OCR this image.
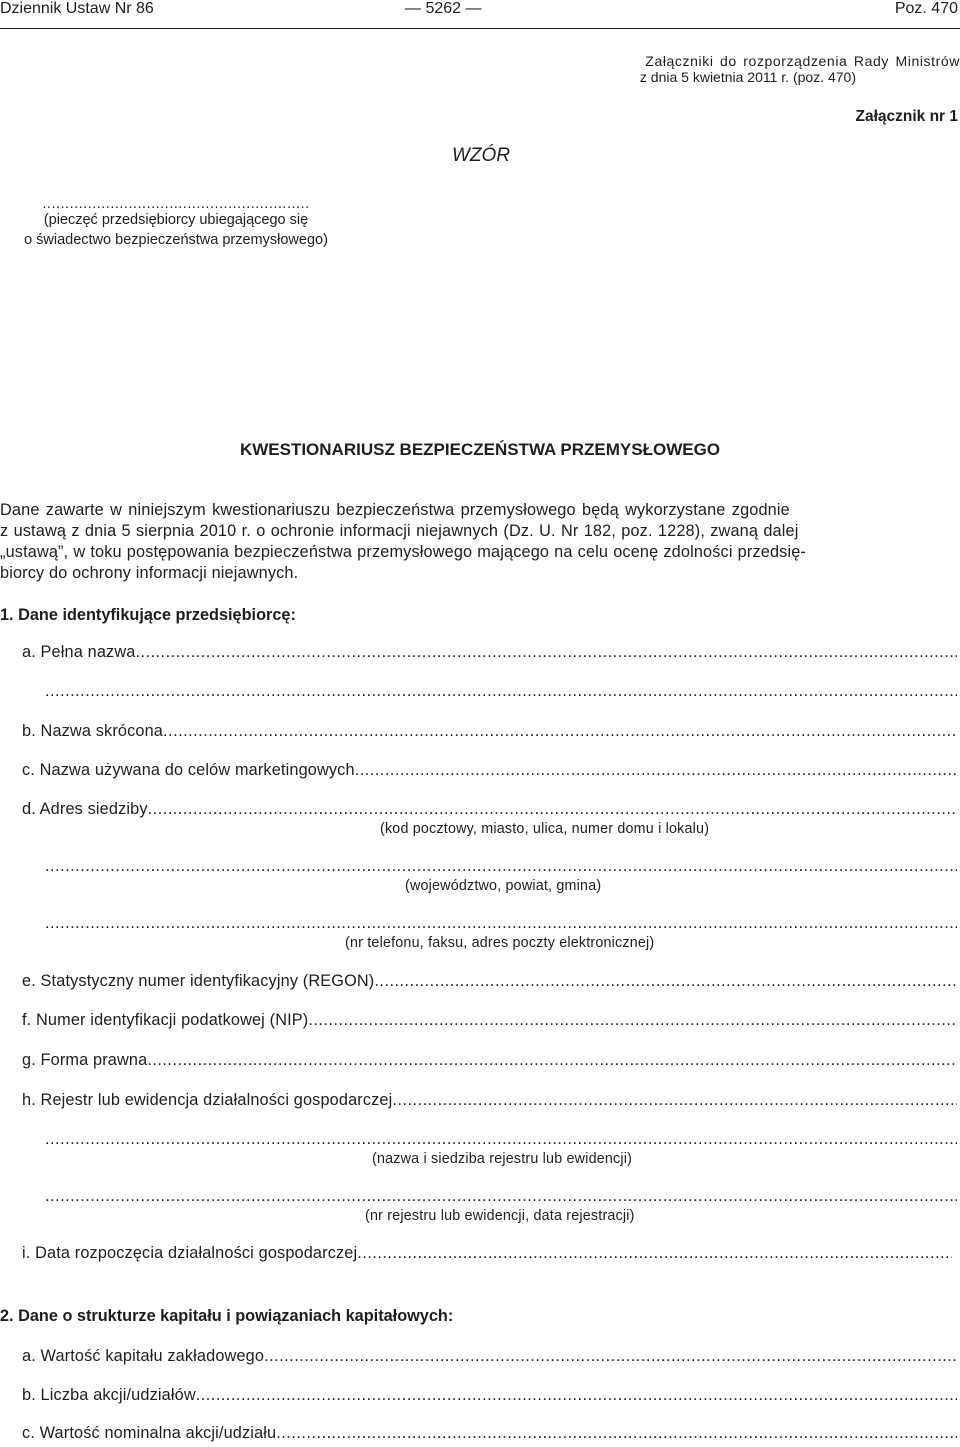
Dziennik Ustaw Nr 86	— 5262 —	Poz. 470
Załączniki do rozporządzenia Rady Ministrów
z dnia 5 kwietnia 2011 r. (poz. 470)
Załącznik nr 1
WZÓR
...........................................................
(pieczęć przedsiębiorcy ubiegającego się
o świadectwo bezpieczeństwa przemysłowego)
KWESTIONARIUSZ BEZPIECZEŃSTWA PRZEMYSŁOWEGO
Dane zawarte w niniejszym kwestionariuszu bezpieczeństwa przemysłowego będą wykorzystane zgodnie
z ustawą z dnia 5 sierpnia 2010 r. o ochronie informacji niejawnych (Dz. U. Nr 182, poz. 1228), zwaną dalej
„ustawą”, w toku postępowania bezpieczeństwa przemysłowego mającego na celu ocenę zdolności przedsię-
biorcy do ochrony informacji niejawnych.
1. Dane identyfikujące przedsiębiorcę:
a. Pełna nazwa
.....
.....
b. Nazwa skrócona
.....
c. Nazwa używana do celów marketingowych
.....
d. Adres siedziby
.....
(kod pocztowy, miasto, ulica, numer domu i lokalu)
.....
(województwo, powiat, gmina)
.....
(nr telefonu, faksu, adres poczty elektronicznej)
e. Statystyczny numer identyfikacyjny (REGON)
.....
f. Numer identyfikacji podatkowej (NIP)
.....
g. Forma prawna
.....
h. Rejestr lub ewidencja działalności gospodarczej
.....
.....
(nazwa i siedziba rejestru lub ewidencji)
.....
(nr rejestru lub ewidencji, data rejestracji)
i. Data rozpoczęcia działalności gospodarczej
.....
2. Dane o strukturze kapitału i powiązaniach kapitałowych:
a. Wartość kapitału zakładowego
.....
b. Liczba akcji/udziałów
.....
c. Wartość nominalna akcji/udziału
.....
